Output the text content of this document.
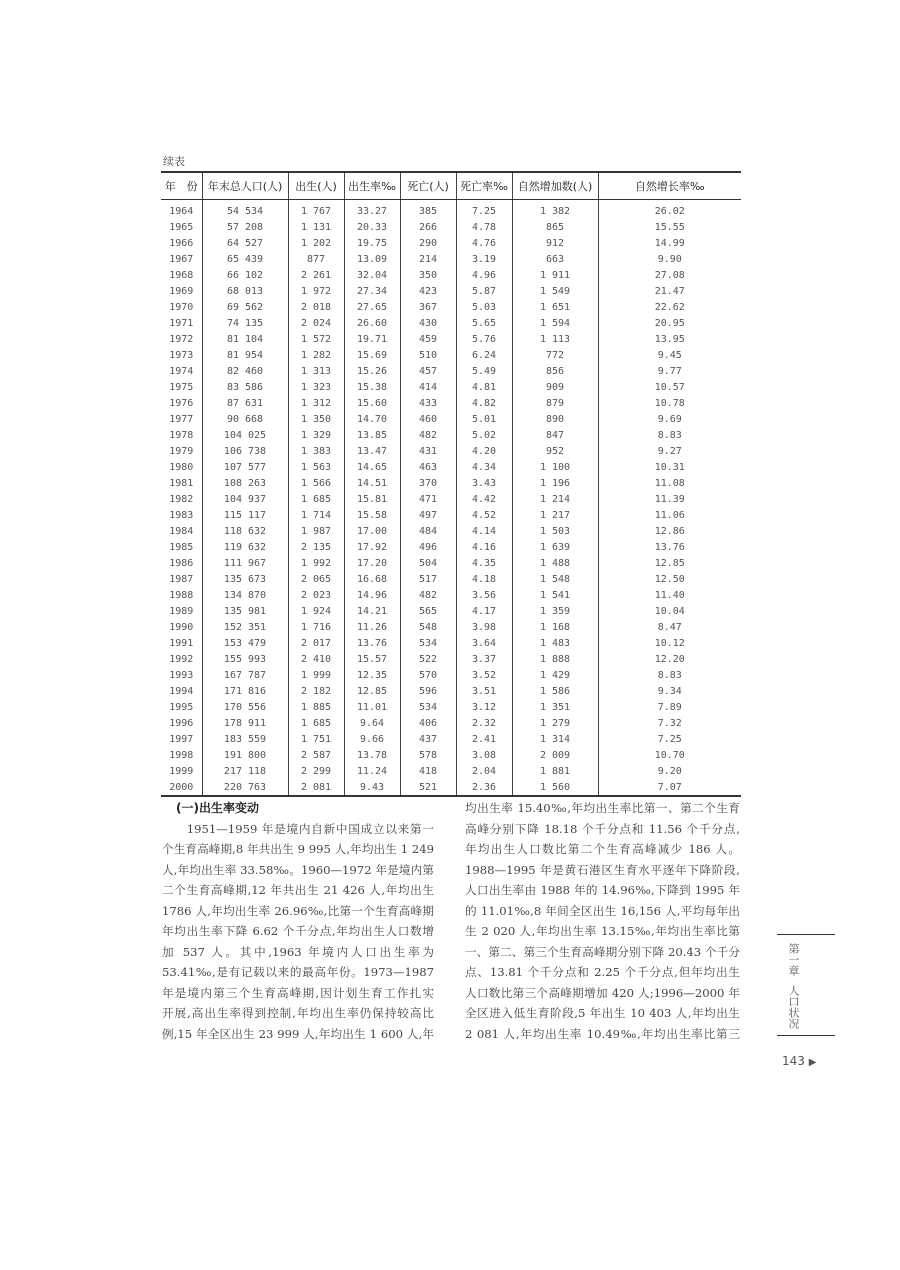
续表
年　份	年末总人口(人)	出生(人)	出生率‰	死亡(人)	死亡率‰	自然增加数(人)	自然增长率‰
1964	54 534	1 767	33.27	385	7.25	1 382	26.02
1965	57 208	1 131	20.33	266	4.78	865	15.55
1966	64 527	1 202	19.75	290	4.76	912	14.99
1967	65 439	877	13.09	214	3.19	663	9.90
1968	66 102	2 261	32.04	350	4.96	1 911	27.08
1969	68 013	1 972	27.34	423	5.87	1 549	21.47
1970	69 562	2 018	27.65	367	5.03	1 651	22.62
1971	74 135	2 024	26.60	430	5.65	1 594	20.95
1972	81 104	1 572	19.71	459	5.76	1 113	13.95
1973	81 954	1 282	15.69	510	6.24	772	9.45
1974	82 460	1 313	15.26	457	5.49	856	9.77
1975	83 586	1 323	15.38	414	4.81	909	10.57
1976	87 631	1 312	15.60	433	4.82	879	10.78
1977	90 668	1 350	14.70	460	5.01	890	9.69
1978	104 025	1 329	13.85	482	5.02	847	8.83
1979	106 738	1 383	13.47	431	4.20	952	9.27
1980	107 577	1 563	14.65	463	4.34	1 100	10.31
1981	108 263	1 566	14.51	370	3.43	1 196	11.08
1982	104 937	1 685	15.81	471	4.42	1 214	11.39
1983	115 117	1 714	15.58	497	4.52	1 217	11.06
1984	118 632	1 987	17.00	484	4.14	1 503	12.86
1985	119 632	2 135	17.92	496	4.16	1 639	13.76
1986	111 967	1 992	17.20	504	4.35	1 488	12.85
1987	135 673	2 065	16.68	517	4.18	1 548	12.50
1988	134 870	2 023	14.96	482	3.56	1 541	11.40
1989	135 981	1 924	14.21	565	4.17	1 359	10.04
1990	152 351	1 716	11.26	548	3.98	1 168	8.47
1991	153 479	2 017	13.76	534	3.64	1 483	10.12
1992	155 993	2 410	15.57	522	3.37	1 888	12.20
1993	167 787	1 999	12.35	570	3.52	1 429	8.83
1994	171 816	2 182	12.85	596	3.51	1 586	9.34
1995	170 556	1 885	11.01	534	3.12	1 351	7.89
1996	178 911	1 685	9.64	406	2.32	1 279	7.32
1997	183 559	1 751	9.66	437	2.41	1 314	7.25
1998	191 800	2 587	13.78	578	3.08	2 009	10.70
1999	217 118	2 299	11.24	418	2.04	1 881	9.20
2000	220 763	2 081	9.43	521	2.36	1 560	7.07
(一)出生率变动
　　1951—1959 年是境内自新中国成立以来第一
个生育高峰期,8 年共出生 9 995 人,年均出生 1 249
人,年均出生率 33.58‰。1960—1972 年是境内第
二个生育高峰期,12 年共出生 21 426 人,年均出生
1786 人,年均出生率 26.96‰,比第一个生育高峰期
年均出生率下降 6.62 个千分点,年均出生人口数增
加 537 人。其中,1963 年境内人口出生率为
53.41‰,是有记载以来的最高年份。1973—1987
年是境内第三个生育高峰期,因计划生育工作扎实
开展,高出生率得到控制,年均出生率仍保持较高比
例,15 年全区出生 23 999 人,年均出生 1 600 人,年
均出生率 15.40‰,年均出生率比第一、第二个生育
高峰分别下降 18.18 个千分点和 11.56 个千分点,
年均出生人口数比第二个生育高峰减少 186 人。
1988—1995 年是黄石港区生育水平逐年下降阶段,
人口出生率由 1988 年的 14.96‰,下降到 1995 年
的 11.01‰,8 年间全区出生 16,156 人,平均每年出
生 2 020 人,年均出生率 13.15‰,年均出生率比第
一、第二、第三个生育高峰期分别下降 20.43 个千分
点、13.81 个千分点和 2.25 个千分点,但年均出生
人口数比第三个高峰期增加 420 人;1996—2000 年
全区进入低生育阶段,5 年出生 10 403 人,年均出生
2 081 人,年均出生率 10.49‰,年均出生率比第三
第一章
人口状况
143 ▶
